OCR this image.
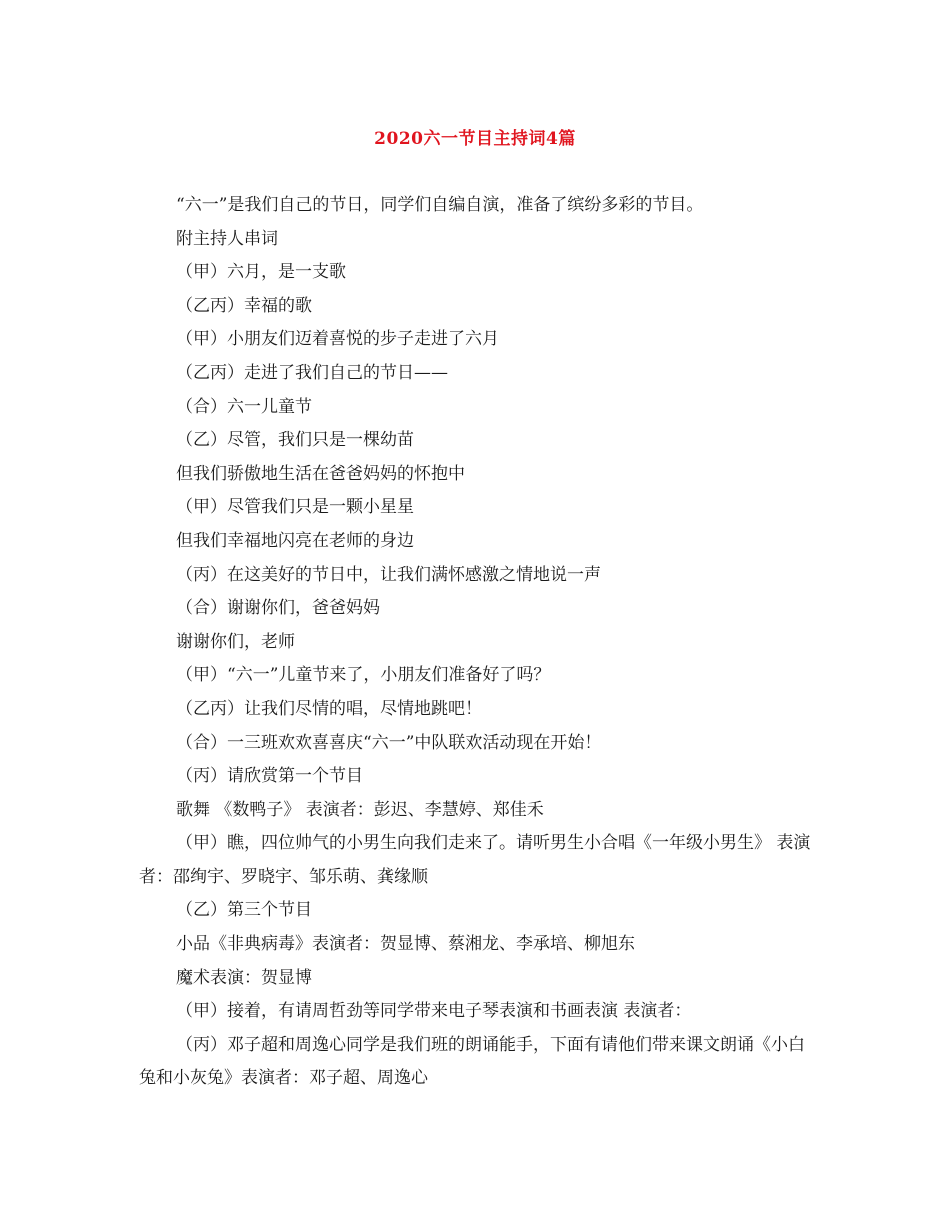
2020六一节目主持词4篇

“六一”是我们自己的节日，同学们自编自演，准备了缤纷多彩的节目。

附主持人串词

（甲）六月，是一支歌

（乙丙）幸福的歌

（甲）小朋友们迈着喜悦的步子走进了六月

（乙丙）走进了我们自己的节日——

（合）六一儿童节

（乙）尽管，我们只是一棵幼苗

但我们骄傲地生活在爸爸妈妈的怀抱中

（甲）尽管我们只是一颗小星星

但我们幸福地闪亮在老师的身边

（丙）在这美好的节日中，让我们满怀感激之情地说一声

（合）谢谢你们，爸爸妈妈

谢谢你们，老师

（甲）“六一”儿童节来了，小朋友们准备好了吗？

（乙丙）让我们尽情的唱，尽情地跳吧！

（合）一三班欢欢喜喜庆“六一”中队联欢活动现在开始！

（丙）请欣赏第一个节目

歌舞 《数鸭子》 表演者：彭迟、李慧婷、郑佳禾

（甲）瞧，四位帅气的小男生向我们走来了。请听男生小合唱《一年级小男生》 表演者：邵绚宇、罗晓宇、邹乐萌、龚缘顺

（乙）第三个节目

小品《非典病毒》表演者：贺显博、蔡湘龙、李承培、柳旭东

魔术表演：贺显博

（甲）接着，有请周哲劲等同学带来电子琴表演和书画表演 表演者：

（丙）邓子超和周逸心同学是我们班的朗诵能手，下面有请他们带来课文朗诵《小白兔和小灰兔》表演者：邓子超、周逸心
